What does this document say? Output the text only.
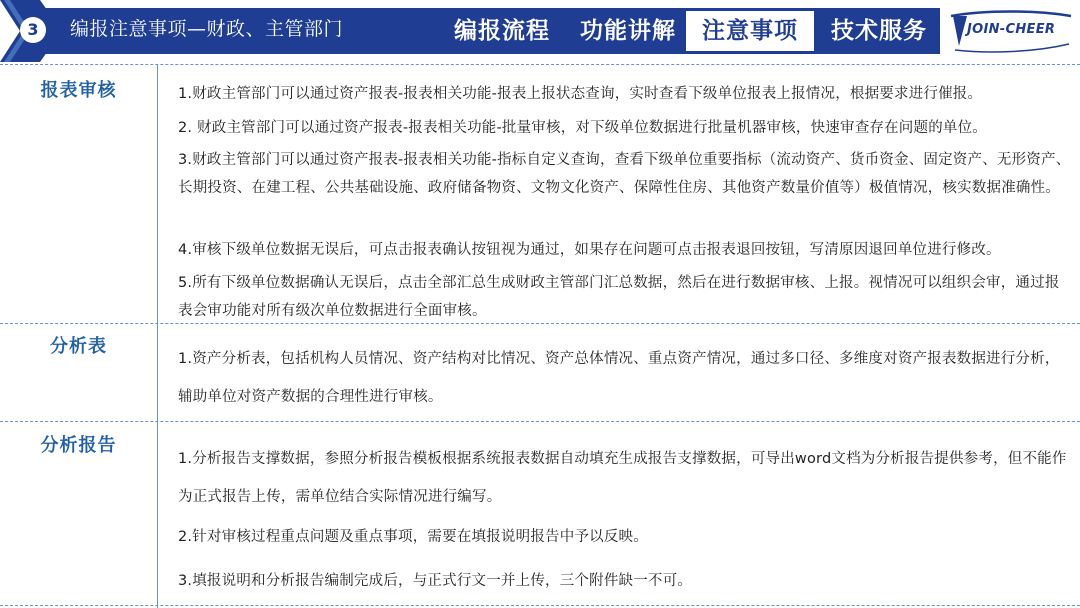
3	编报注意事项—财政、主管部门	编报流程 功能讲解	注意事项	技术服务	JOIN-CHEER
报表审核	1.财政主管部门可以通过资产报表-报表相关功能-报表上报状态查询，实时查看下级单位报表上报情况，根据要求进行催报。
2. 财政主管部门可以通过资产报表-报表相关功能-批量审核，对下级单位数据进行批量机器审核，快速审查存在问题的单位。
3.财政主管部门可以通过资产报表-报表相关功能-指标自定义查询，查看下级单位重要指标（流动资产、货币资金、固定资产、无形资产、长期投资、在建工程、公共基础设施、政府储备物资、文物文化资产、保障性住房、其他资产数量价值等）极值情况，核实数据准确性。
4.审核下级单位数据无误后，可点击报表确认按钮视为通过，如果存在问题可点击报表退回按钮，写清原因退回单位进行修改。
5.所有下级单位数据确认无误后，点击全部汇总生成财政主管部门汇总数据，然后在进行数据审核、上报。视情况可以组织会审，通过报表会审功能对所有级次单位数据进行全面审核。
分析表
1.资产分析表，包括机构人员情况、资产结构对比情况、资产总体情况、重点资产情况，通过多口径、多维度对资产报表数据进行分析，辅助单位对资产数据的合理性进行审核。
分析报告
1.分析报告支撑数据，参照分析报告模板根据系统报表数据自动填充生成报告支撑数据，可导出word文档为分析报告提供参考，但不能作为正式报告上传，需单位结合实际情况进行编写。
2.针对审核过程重点问题及重点事项，需要在填报说明报告中予以反映。
3.填报说明和分析报告编制完成后，与正式行文一并上传，三个附件缺一不可。
